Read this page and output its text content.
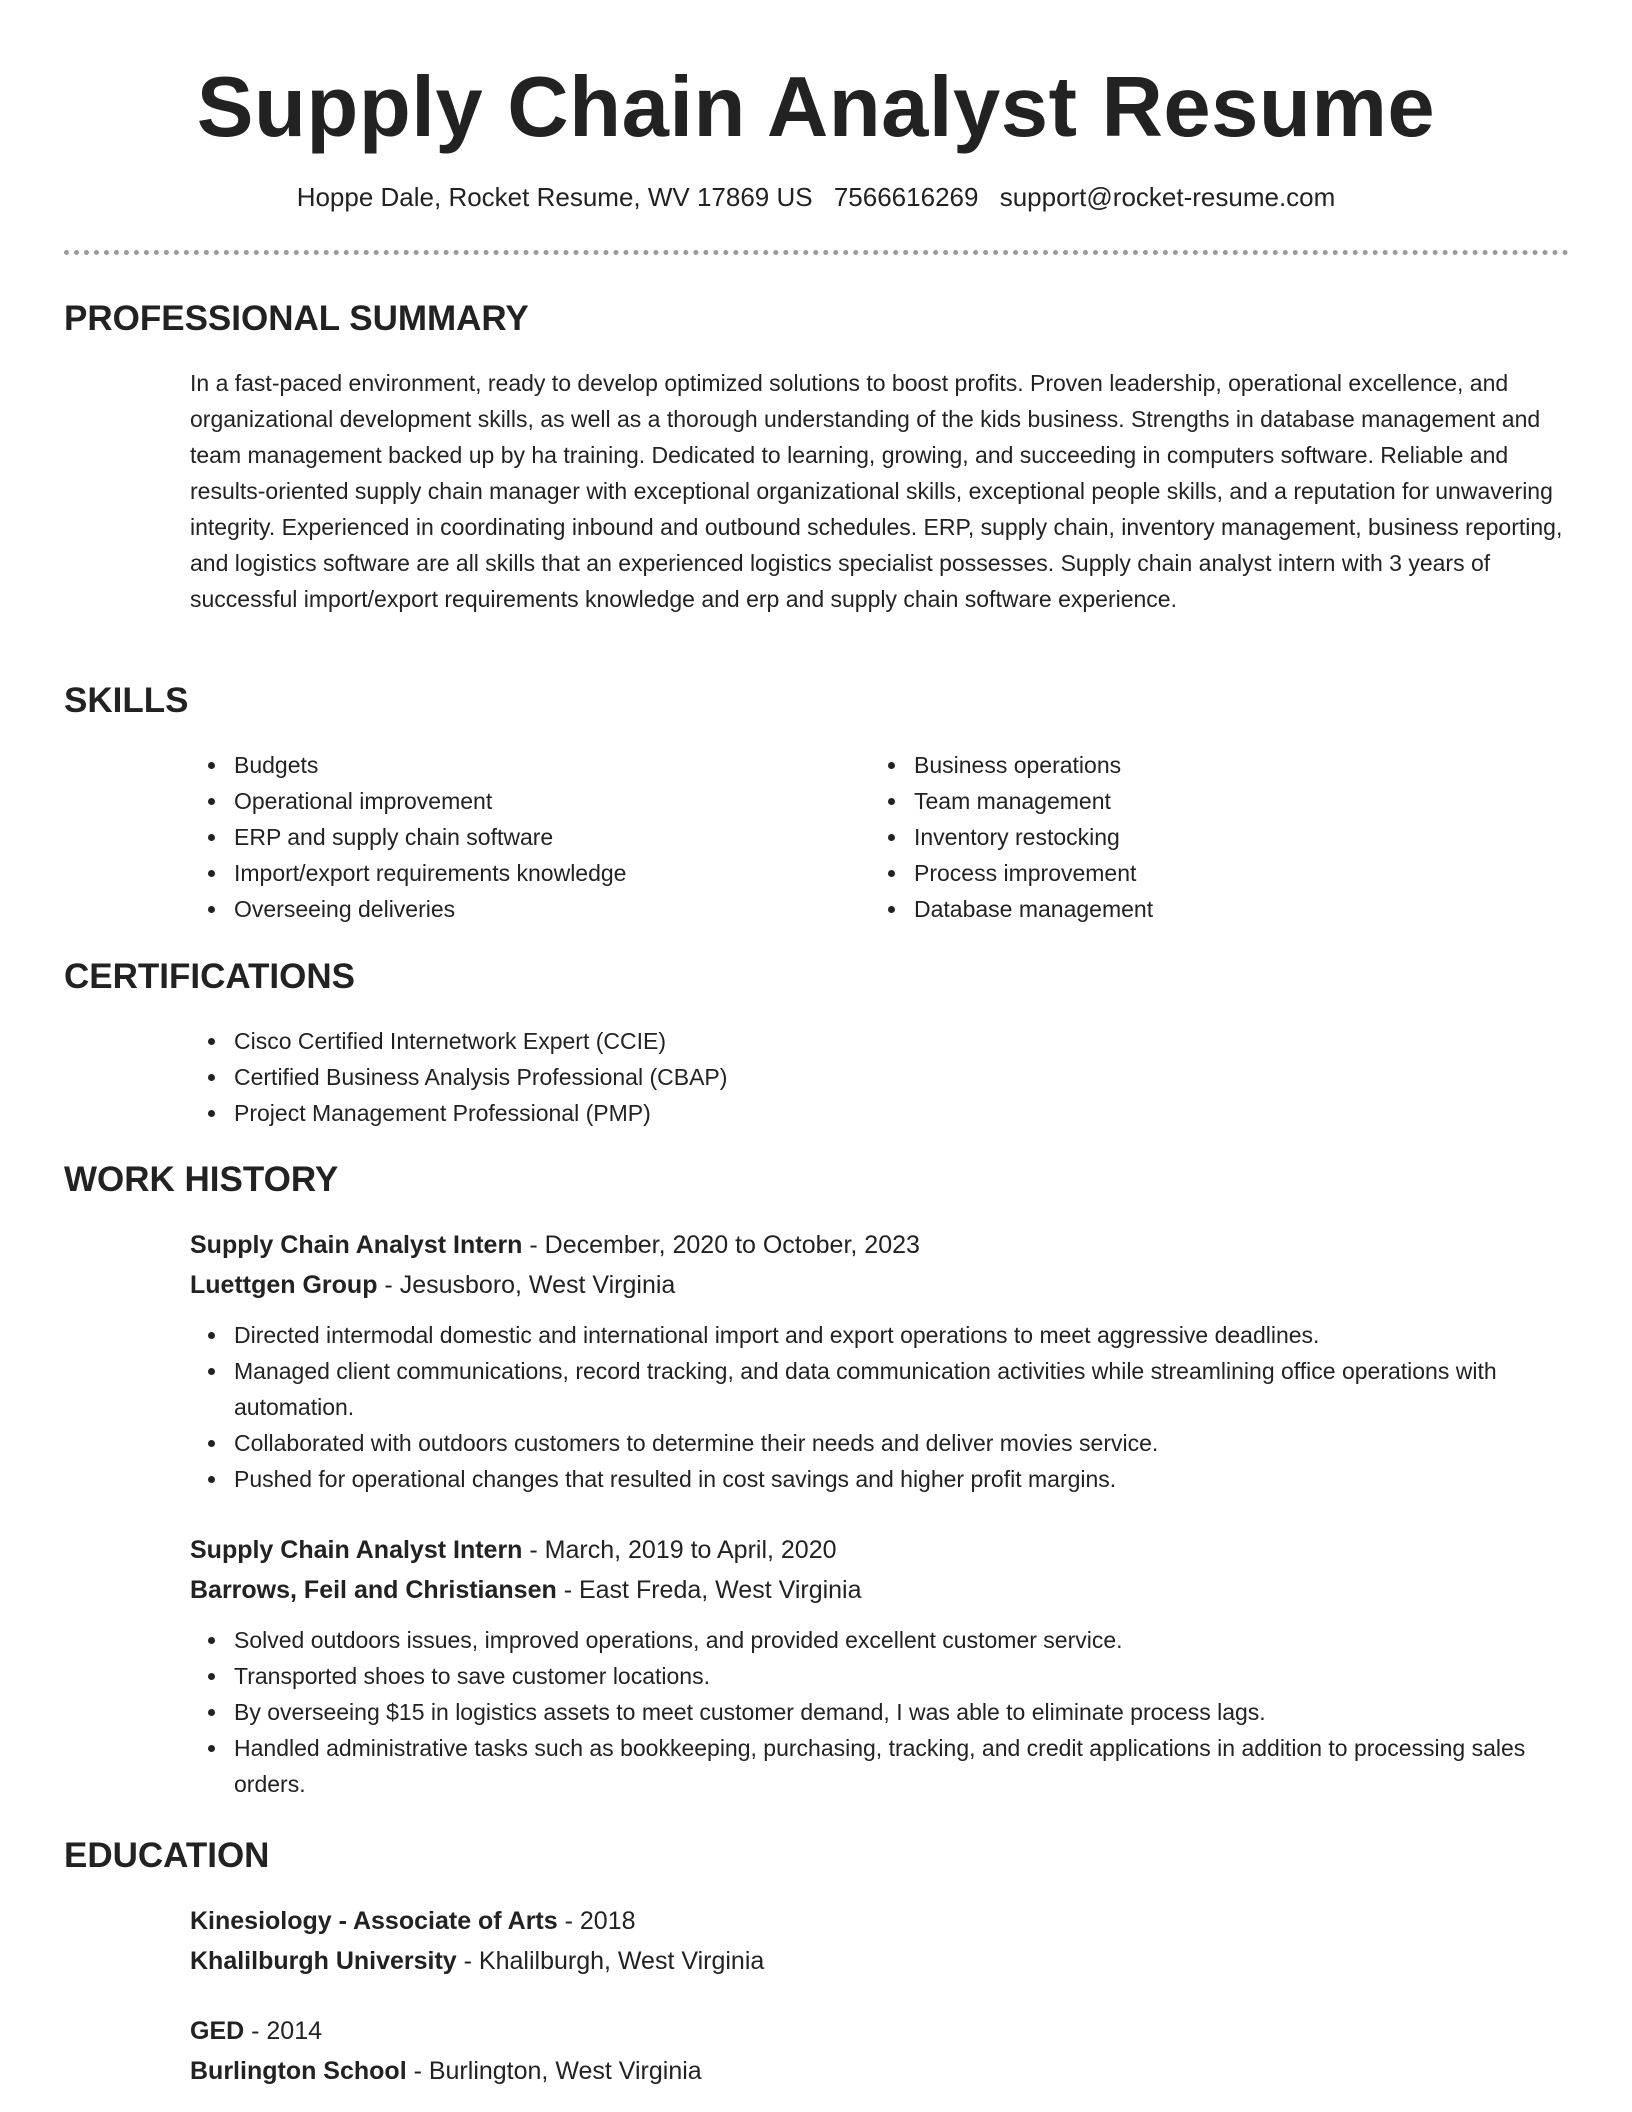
Supply Chain Analyst Resume
Hoppe Dale, Rocket Resume, WV 17869 US 7566616269 support@rocket-resume.com
PROFESSIONAL SUMMARY

In a fast-paced environment, ready to develop optimized solutions to boost profits. Proven leadership, operational excellence, and organizational development skills, as well as a thorough understanding of the kids business. Strengths in database management and team management backed up by ha training. Dedicated to learning, growing, and succeeding in computers software. Reliable and results-oriented supply chain manager with exceptional organizational skills, exceptional people skills, and a reputation for unwavering integrity. Experienced in coordinating inbound and outbound schedules. ERP, supply chain, inventory management, business reporting, and logistics software are all skills that an experienced logistics specialist possesses. Supply chain analyst intern with 3 years of successful import/export requirements knowledge and erp and supply chain software experience.

SKILLS
Budgets
Operational improvement
ERP and supply chain software
Import/export requirements knowledge
Overseeing deliveries
Business operations
Team management
Inventory restocking
Process improvement
Database management
CERTIFICATIONS
Cisco Certified Internetwork Expert (CCIE)
Certified Business Analysis Professional (CBAP)
Project Management Professional (PMP)
WORK HISTORY
Supply Chain Analyst Intern - December, 2020 to October, 2023
Luettgen Group - Jesusboro, West Virginia
Directed intermodal domestic and international import and export operations to meet aggressive deadlines.
Managed client communications, record tracking, and data communication activities while streamlining office operations with automation.
Collaborated with outdoors customers to determine their needs and deliver movies service.
Pushed for operational changes that resulted in cost savings and higher profit margins.
Supply Chain Analyst Intern - March, 2019 to April, 2020
Barrows, Feil and Christiansen - East Freda, West Virginia
Solved outdoors issues, improved operations, and provided excellent customer service.
Transported shoes to save customer locations.
By overseeing $15 in logistics assets to meet customer demand, I was able to eliminate process lags.
Handled administrative tasks such as bookkeeping, purchasing, tracking, and credit applications in addition to processing sales orders.
EDUCATION
Kinesiology - Associate of Arts - 2018
Khalilburgh University - Khalilburgh, West Virginia
GED - 2014
Burlington School - Burlington, West Virginia
